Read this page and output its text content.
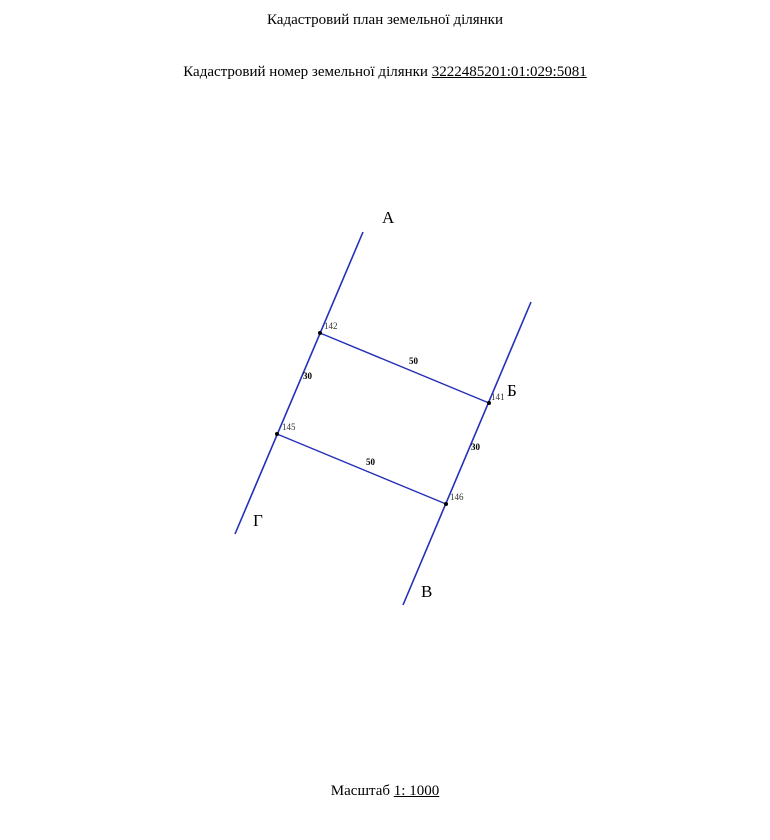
Кадастровий план земельної ділянки
Кадастровий номер земельної ділянки 3222485201:01:029:5081
142
141
146
145
50
30
30
50
А
Б
В
Г
Масштаб 1: 1000
